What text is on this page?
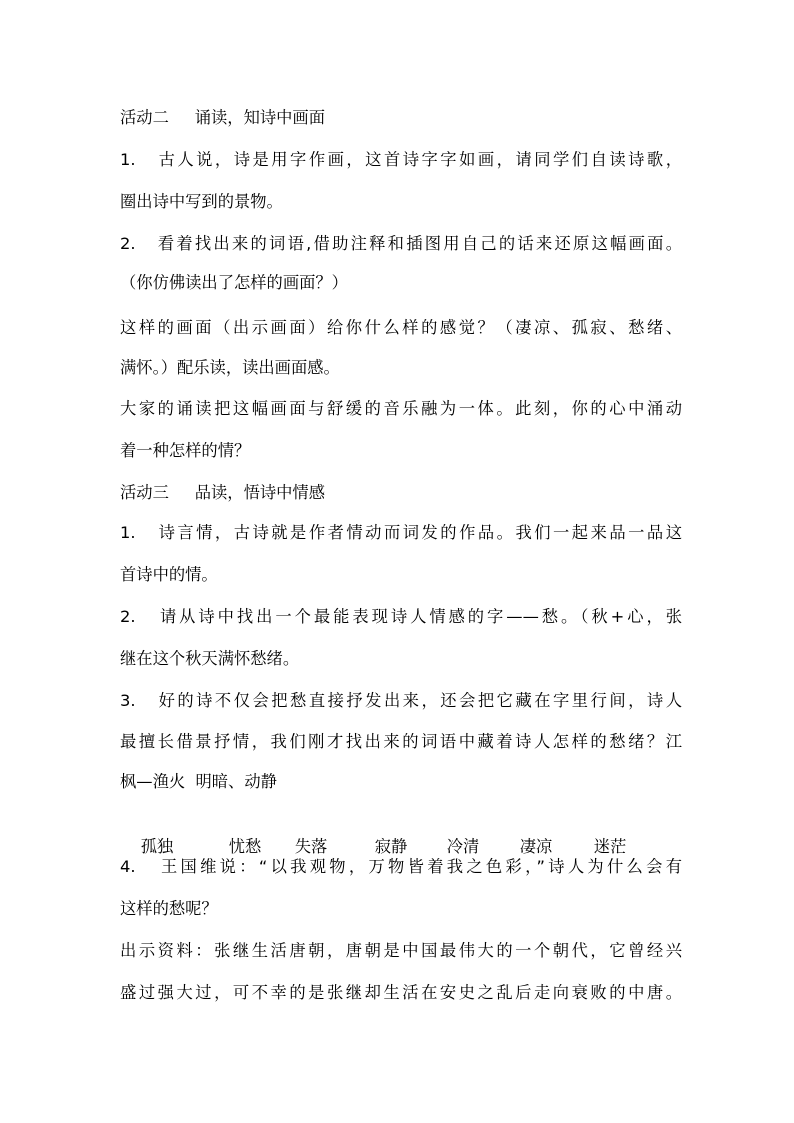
活动二     诵读，知诗中画面
1.   古人说，诗是用字作画，这首诗字字如画，请同学们自读诗歌，
圈出诗中写到的景物。
2.   看着找出来的词语,借助注释和插图用自己的话来还原这幅画面。
（你仿佛读出了怎样的画面？）
这样的画面（出示画面）给你什么样的感觉？（凄凉、孤寂、愁绪、
满怀。）配乐读，读出画面感。
大家的诵读把这幅画面与舒缓的音乐融为一体。此刻，你的心中涌动
着一种怎样的情？
活动三     品读，悟诗中情感
1.   诗言情，古诗就是作者情动而词发的作品。我们一起来品一品这
首诗中的情。
2.   请从诗中找出一个最能表现诗人情感的字——愁。（秋+心，张
继在这个秋天满怀愁绪。
3.   好的诗不仅会把愁直接抒发出来，还会把它藏在字里行间，诗人
最擅长借景抒情，我们刚才找出来的词语中藏着诗人怎样的愁绪？江
枫—渔火  明暗、动静

孤独	忧愁 失落	寂静 冷清 凄凉	迷茫

4.   王国维说：“以我观物，万物皆着我之色彩，”诗人为什么会有
这样的愁呢？
出示资料：张继生活唐朝，唐朝是中国最伟大的一个朝代，它曾经兴
盛过强大过，可不幸的是张继却生活在安史之乱后走向衰败的中唐。
